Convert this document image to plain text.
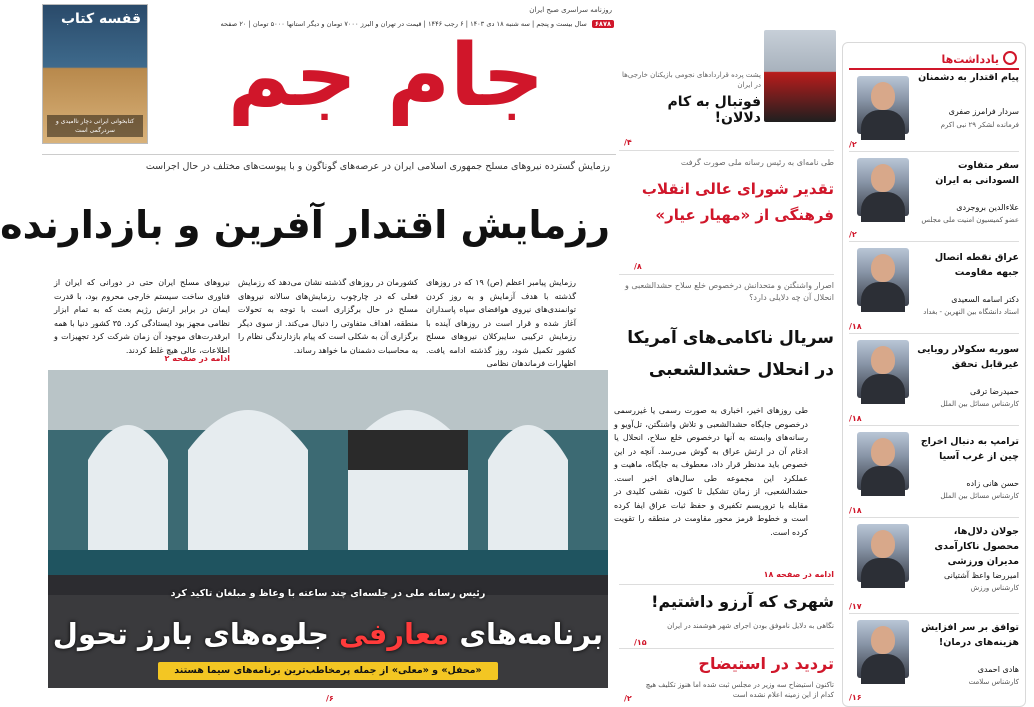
یادداشت‌ها
پیام اقتدار به دشمنان
سردار فرامرز صفری
فرمانده لشکر ۲۹ نبی اکرم
۲/
سفر متفاوت السودانی به ایران
علاءالدین بروجردی
عضو کمیسیون امنیت ملی مجلس
۲/
عراق نقطه اتصال جبهه مقاومت
دکتر اسامه السعیدی
استاد دانشگاه بین النهرین - بغداد
۱۸/
سوریه سکولار رویایی غیرقابل تحقق
حمیدرضا ترقی
کارشناس مسائل بین الملل
۱۸/
ترامپ به دنبال اخراج چین از غرب آسیا
حسن هانی زاده
کارشناس مسائل بین الملل
۱۸/
جولان دلال‌ها، محصول ناکارآمدی مدیران ورزشی
امیررضا واعظ آشتیانی
کارشناس ورزش
۱۷/
توافق بر سر افزایش هزینه‌های درمان!
هادی احمدی
کارشناس سلامت
۱۶/
پشت پرده قراردادهای نجومی بازیکنان خارجی‌ها در ایران
فوتبال به کام دلالان!
۴/
طی نامه‌ای به رئیس رسانه ملی صورت گرفت
تقدیر شورای عالی انقلاب فرهنگی از «مهیار عیار»
۸/
اصرار واشنگتن و متحدانش درخصوص خلع سلاح حشدالشعبی و انحلال آن چه دلایلی دارد؟
سریال ناکامی‌های آمریکا در انحلال حشدالشعبی

طی روزهای اخیر، اخباری به صورت رسمی یا غیررسمی درخصوص جایگاه حشدالشعبی و تلاش واشنگتن، تل‌آویو و رسانه‌های وابسته به آنها درخصوص خلع سلاح، انحلال یا ادغام آن در ارتش عراق به گوش می‌رسد. آنچه در این خصوص باید مدنظر قرار داد، معطوف به جایگاه، ماهیت و عملکرد این مجموعه طی سال‌های اخیر است. حشدالشعبی، از زمان تشکیل تا کنون، نقشی کلیدی در مقابله با تروریسم تکفیری و حفظ ثبات عراق ایفا کرده است و خطوط قرمز محور مقاومت در منطقه را تقویت کرده است.
ادامه در صفحه ۱۸
شهری که آرزو داشتیم!
نگاهی به دلایل ناموفق بودن اجرای شهر هوشمند در ایران
۱۵/
تردید در استیضاح
تاکنون استیضاح سه وزیر در مجلس ثبت شده اما هنوز تکلیف هیچ کدام از این زمینه اعلام نشده است
۲/
قفسه کتاب
کتابخوانی ایرانی دچار ناامیدی و سردرگمی است
روزنامه سراسری صبح ایران
۶۸۷۸ سال بیست و پنجم | سه شنبه ۱۸ دی ۱۴۰۳ | ۶ رجب ۱۴۴۶ | قیمت در تهران و البرز ۷۰۰۰ تومان و دیگر استانها ۵۰۰۰ تومان | ۲۰ صفحه
جام جم
رزمایش گسترده نیروهای مسلح جمهوری اسلامی ایران در عرصه‌های گوناگون و با پیوست‌های مختلف در حال اجراست
رزمایش اقتدار آفرین و بازدارنده
رزمایش پیامبر اعظم (ص) ۱۹ که در روزهای گذشته با هدف آزمایش و به روز کردن توانمندی‌های نیروی هوافضای سپاه پاسداران آغاز شده و قرار است در روزهای آینده با رزمایش ترکیبی سایبرکلان نیروهای مسلح کشور تکمیل شود، روز گذشته ادامه یافت. اظهارات فرماندهان نظامی
کشورمان در روزهای گذشته نشان می‌دهد که رزمایش فعلی که در چارچوب رزمایش‌های سالانه نیروهای مسلح در حال برگزاری است با توجه به تحولات منطقه، اهداف متفاوتی را دنبال می‌کند. از سوی دیگر برگزاری آن به شکلی است که پیام بازدارندگی نظام را به محاسبات دشمنان ما خواهد رساند.
نیروهای مسلح ایران حتی در دورانی که ایران از فناوری ساخت سیستم خارجی محروم بود، با قدرت ایمان در برابر ارتش رژیم بعث که به تمام ابزار نظامی مجهز بود ایستادگی کرد. ۳۵ کشور دنیا با همه ابرقدرت‌های موجود آن زمان شرکت کرد تجهیزات و اطلاعات، عالی هیچ غلط کردند.
ادامه در صفحه ۲
رئیس رسانه ملی در جلسه‌ای چند ساعته با وعاظ و مبلغان تاکید کرد
برنامه‌های معارفی جلوه‌های بارز تحول
«محفل» و «معلی» از جمله پرمخاطب‌ترین برنامه‌های سیما هستند
۶/
